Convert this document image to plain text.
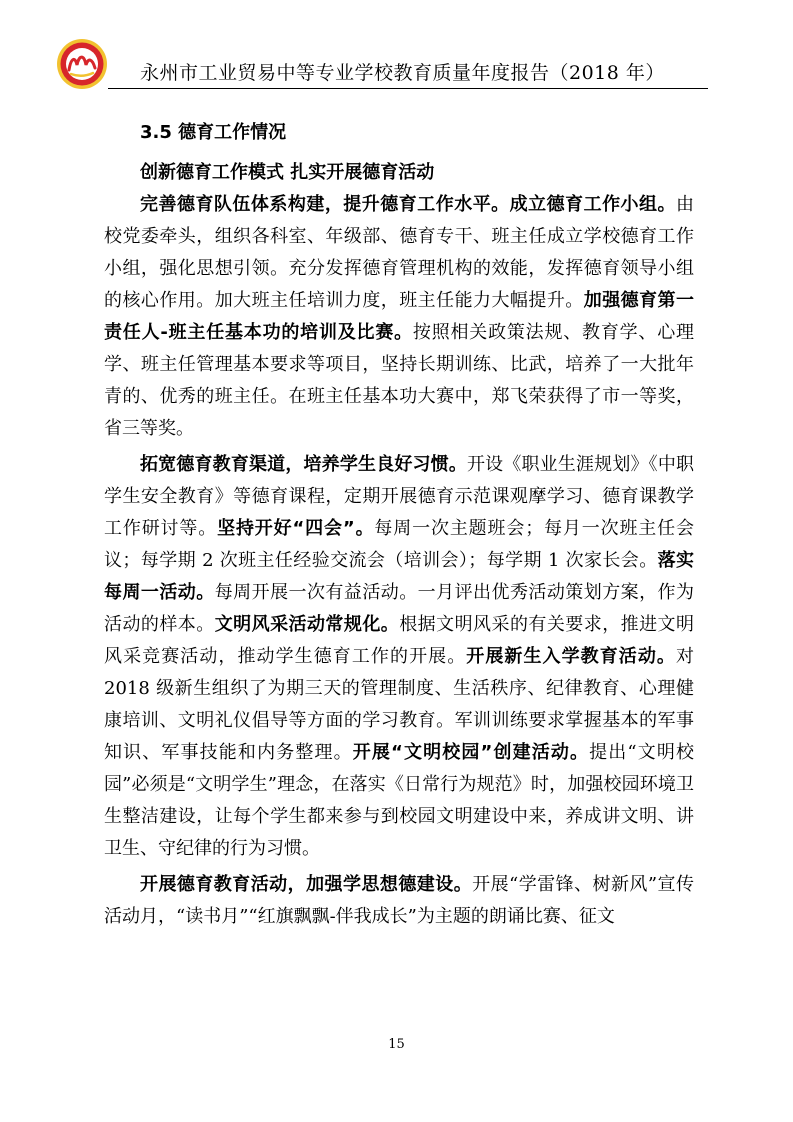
永州市工业贸易中等专业学校教育质量年度报告（2018 年）

3.5 德育工作情况

创新德育工作模式 扎实开展德育活动

完善德育队伍体系构建，提升德育工作水平。成立德育工作小组。由校党委牵头，组织各科室、年级部、德育专干、班主任成立学校德育工作小组，强化思想引领。充分发挥德育管理机构的效能，发挥德育领导小组的核心作用。加大班主任培训力度，班主任能力大幅提升。加强德育第一责任人-班主任基本功的培训及比赛。按照相关政策法规、教育学、心理学、班主任管理基本要求等项目，坚持长期训练、比武，培养了一大批年青的、优秀的班主任。在班主任基本功大赛中，郑飞荣获得了市一等奖，省三等奖。

拓宽德育教育渠道，培养学生良好习惯。开设《职业生涯规划》《中职学生安全教育》等德育课程，定期开展德育示范课观摩学习、德育课教学工作研讨等。坚持开好“四会”。每周一次主题班会；每月一次班主任会议；每学期 2 次班主任经验交流会（培训会）；每学期 1 次家长会。落实每周一活动。每周开展一次有益活动。一月评出优秀活动策划方案，作为活动的样本。文明风采活动常规化。根据文明风采的有关要求，推进文明风采竞赛活动，推动学生德育工作的开展。开展新生入学教育活动。对 2018 级新生组织了为期三天的管理制度、生活秩序、纪律教育、心理健康培训、文明礼仪倡导等方面的学习教育。军训训练要求掌握基本的军事知识、军事技能和内务整理。开展“文明校园”创建活动。提出“文明校园”必须是“文明学生”理念，在落实《日常行为规范》时，加强校园环境卫生整洁建设，让每个学生都来参与到校园文明建设中来，养成讲文明、讲卫生、守纪律的行为习惯。

开展德育教育活动，加强学思想德建设。开展“学雷锋、树新风”宣传活动月，“读书月”“红旗飘飘-伴我成长”为主题的朗诵比赛、征文

15
